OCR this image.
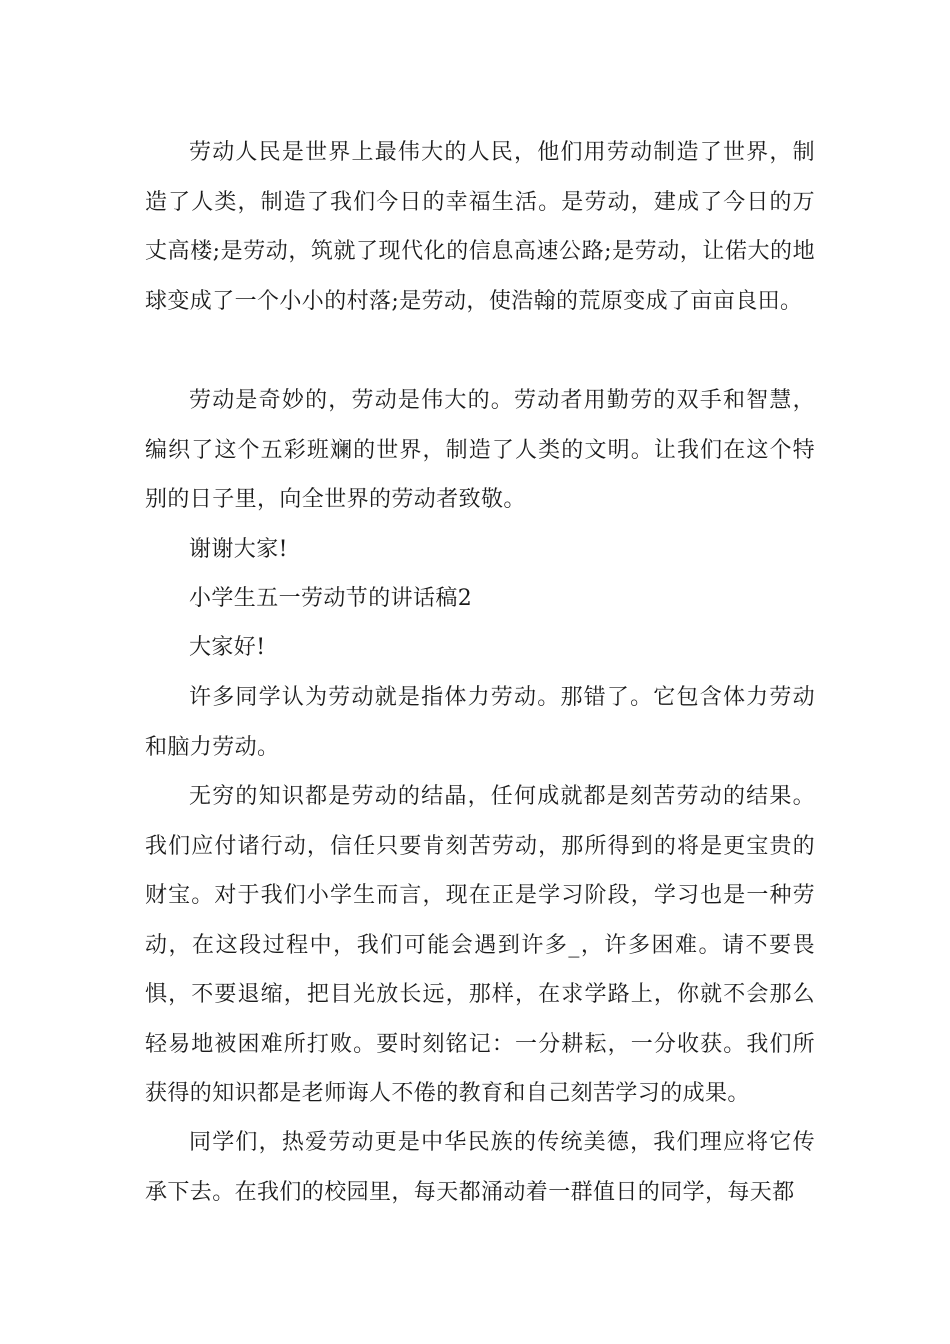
劳动人民是世界上最伟大的人民，他们用劳动制造了世界，制造了人类，制造了我们今日的幸福生活。是劳动，建成了今日的万丈高楼;是劳动，筑就了现代化的信息高速公路;是劳动，让偌大的地球变成了一个小小的村落;是劳动，使浩翰的荒原变成了亩亩良田。

劳动是奇妙的，劳动是伟大的。劳动者用勤劳的双手和智慧，编织了这个五彩班斓的世界，制造了人类的文明。让我们在这个特别的日子里，向全世界的劳动者致敬。

谢谢大家!

小学生五一劳动节的讲话稿2

大家好!

许多同学认为劳动就是指体力劳动。那错了。它包含体力劳动和脑力劳动。

无穷的知识都是劳动的结晶，任何成就都是刻苦劳动的结果。我们应付诸行动，信任只要肯刻苦劳动，那所得到的将是更宝贵的财宝。对于我们小学生而言，现在正是学习阶段，学习也是一种劳动，在这段过程中，我们可能会遇到许多_，许多困难。请不要畏惧，不要退缩，把目光放长远，那样，在求学路上，你就不会那么轻易地被困难所打败。要时刻铭记：一分耕耘，一分收获。我们所获得的知识都是老师诲人不倦的教育和自己刻苦学习的成果。

同学们，热爱劳动更是中华民族的传统美德，我们理应将它传承下去。在我们的校园里，每天都涌动着一群值日的同学，每天都
